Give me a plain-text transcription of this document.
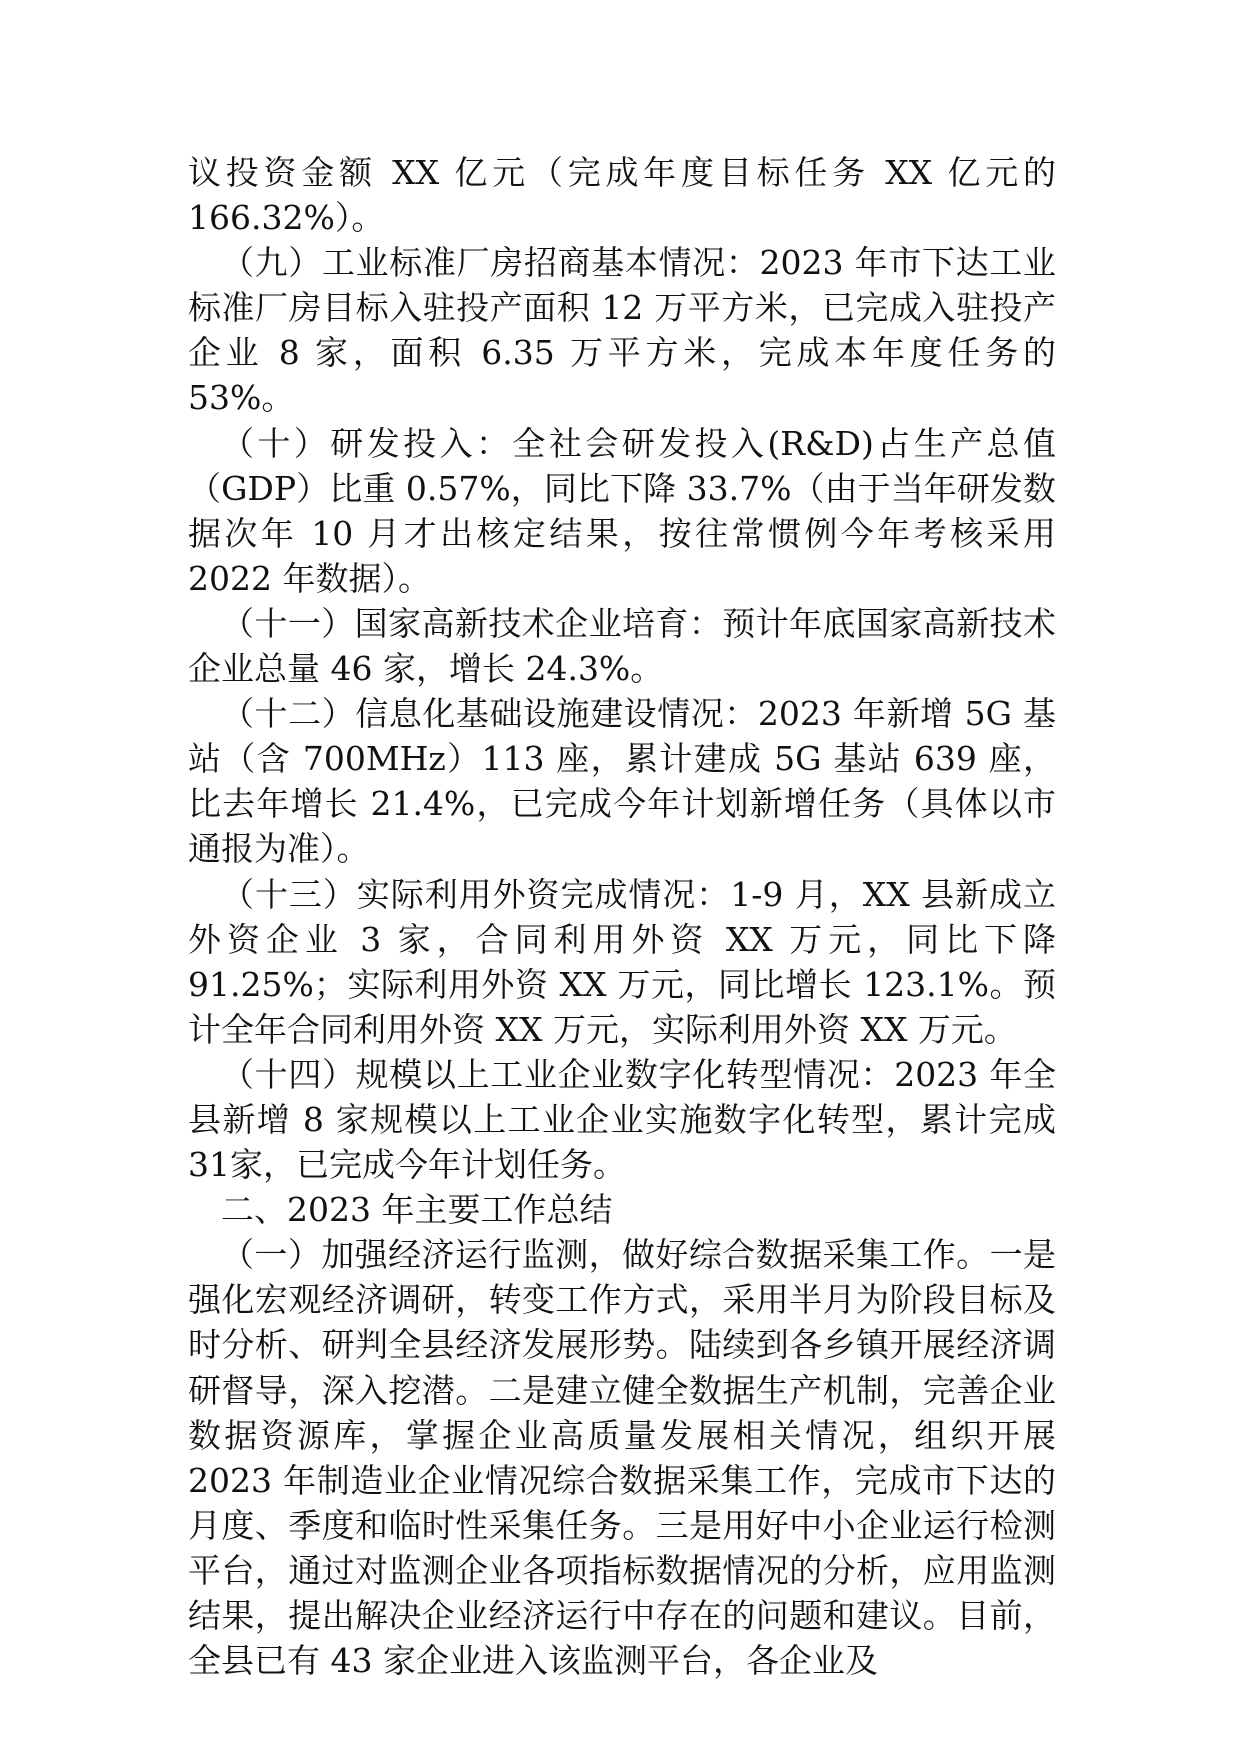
议投资金额 XX 亿元（完成年度目标任务 XX 亿元的166.32%）。

（九）工业标准厂房招商基本情况：2023 年市下达工业标准厂房目标入驻投产面积 12 万平方米，已完成入驻投产企业 8 家，面积 6.35 万平方米，完成本年度任务的 53%。

（十）研发投入：全社会研发投入(R&D)占生产总值（GDP）比重 0.57%，同比下降 33.7%（由于当年研发数据次年 10 月才出核定结果，按往常惯例今年考核采用 2022 年数据）。

（十一）国家高新技术企业培育：预计年底国家高新技术企业总量 46 家，增长 24.3%。

（十二）信息化基础设施建设情况：2023 年新增 5G 基站（含 700MHz）113 座，累计建成 5G 基站 639 座，比去年增长 21.4%，已完成今年计划新增任务（具体以市通报为准）。

（十三）实际利用外资完成情况：1-9 月，XX 县新成立外资企业 3 家，合同利用外资 XX 万元，同比下降 91.25%；实际利用外资 XX 万元，同比增长 123.1%。预计全年合同利用外资 XX 万元，实际利用外资 XX 万元。

（十四）规模以上工业企业数字化转型情况：2023 年全县新增 8 家规模以上工业企业实施数字化转型，累计完成 31家，已完成今年计划任务。

二、2023 年主要工作总结

（一）加强经济运行监测，做好综合数据采集工作。一是强化宏观经济调研，转变工作方式，采用半月为阶段目标及时分析、研判全县经济发展形势。陆续到各乡镇开展经济调研督导，深入挖潜。二是建立健全数据生产机制，完善企业数据资源库，掌握企业高质量发展相关情况，组织开展 2023 年制造业企业情况综合数据采集工作，完成市下达的月度、季度和临时性采集任务。三是用好中小企业运行检测平台，通过对监测企业各项指标数据情况的分析，应用监测结果，提出解决企业经济运行中存在的问题和建议。目前，全县已有 43 家企业进入该监测平台，各企业及
